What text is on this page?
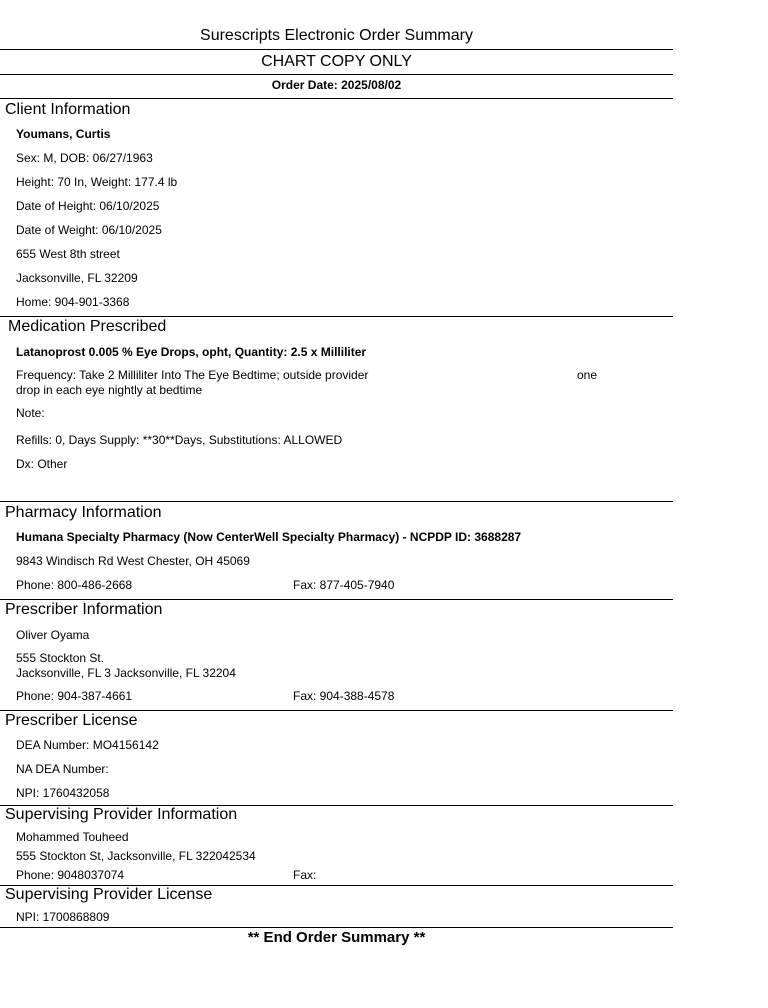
Surescripts Electronic Order Summary
CHART COPY ONLY
Order Date: 2025/08/02
Client Information
Youmans, Curtis
Sex: M, DOB: 06/27/1963
Height: 70 In, Weight: 177.4 lb
Date of Height: 06/10/2025
Date of Weight: 06/10/2025
655 West 8th street
Jacksonville, FL 32209
Home: 904-901-3368
Medication Prescribed
Latanoprost 0.005 % Eye Drops, opht, Quantity: 2.5 x Milliliter
Frequency: Take 2 Milliliter Into The Eye Bedtime; outside provider	one
drop in each eye nightly at bedtime
Note:
Refills: 0, Days Supply: **30**Days, Substitutions: ALLOWED
Dx: Other
Pharmacy Information
Humana Specialty Pharmacy (Now CenterWell Specialty Pharmacy) - NCPDP ID: 3688287
9843 Windisch Rd West Chester, OH 45069
Phone: 800-486-2668	Fax: 877-405-7940
Prescriber Information
Oliver Oyama
555 Stockton St.
Jacksonville, FL 3 Jacksonville, FL 32204
Phone: 904-387-4661	Fax: 904-388-4578
Prescriber License
DEA Number: MO4156142
NA DEA Number:
NPI: 1760432058
Supervising Provider Information
Mohammed Touheed
555 Stockton St, Jacksonville, FL 322042534
Phone: 9048037074	Fax:
Supervising Provider License
NPI: 1700868809
** End Order Summary **
